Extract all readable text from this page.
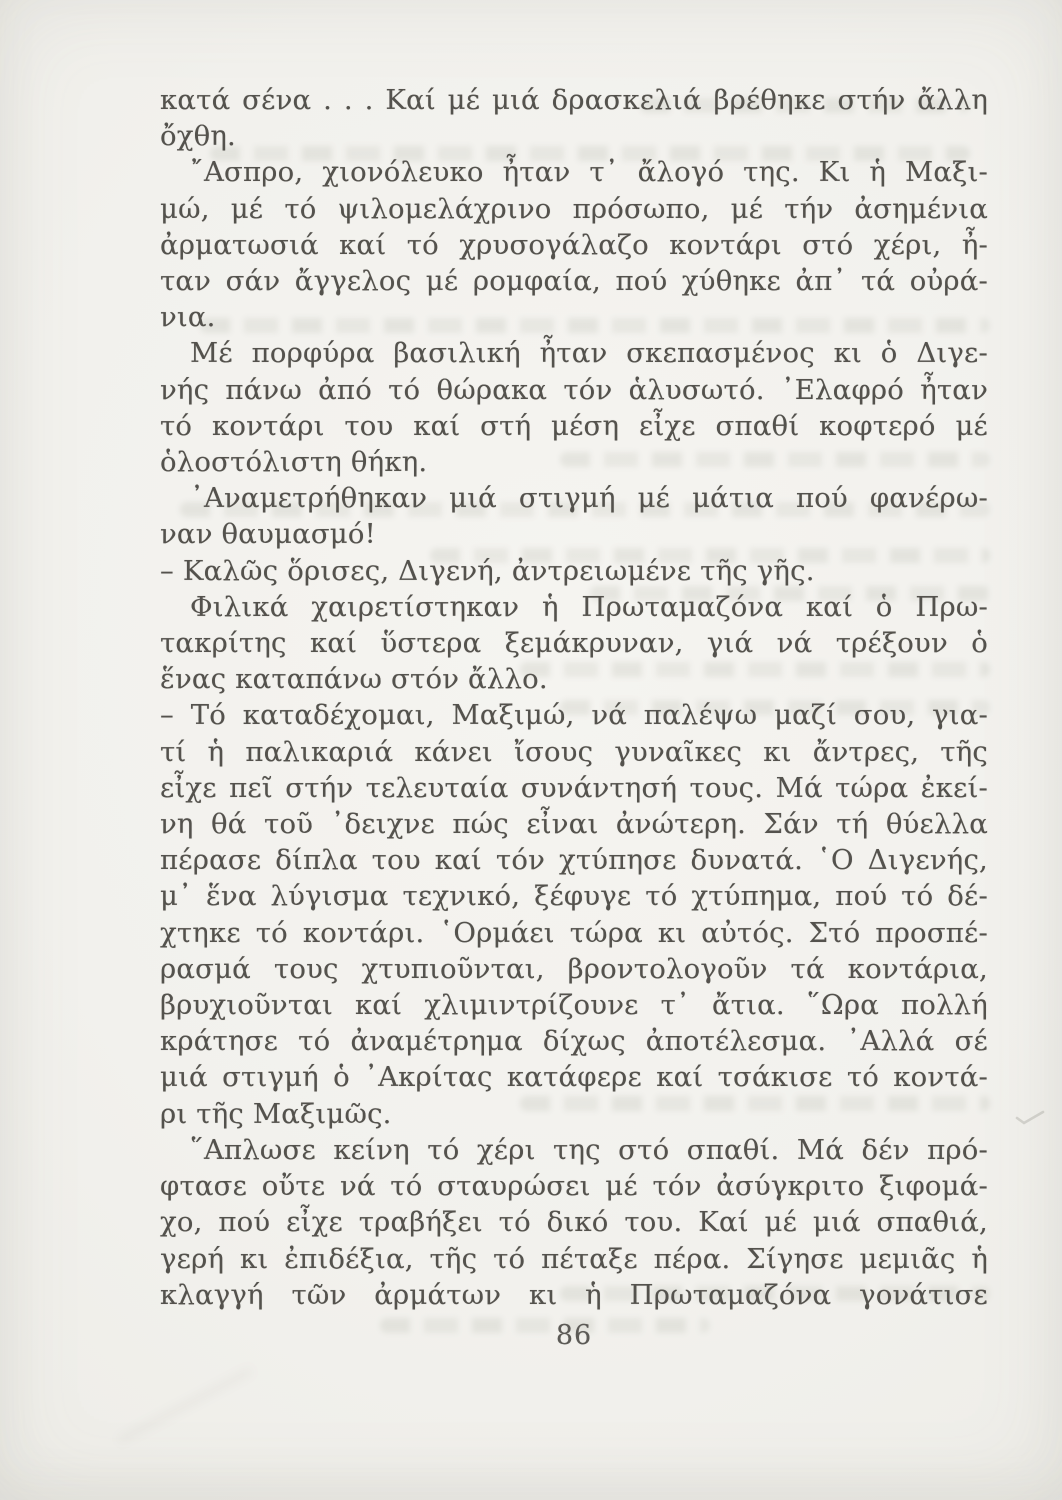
κατά σένα . . . Καί μέ μιά δρασκελιά βρέθηκε στήν ἄλλη
ὄχθη.
῎Ασπρο, χιονόλευκο ἦταν τ᾿ ἄλογό της. Κι ἡ Μαξι-
μώ, μέ τό ψιλομελάχρινο πρόσωπο, μέ τήν ἀσημένια
ἀρματωσιά καί τό χρυσογάλαζο κοντάρι στό χέρι, ἦ-
ταν σάν ἄγγελος μέ ρομφαία, πού χύθηκε ἀπ᾿ τά οὐρά-
νια.
Μέ πορφύρα βασιλική ἦταν σκεπασμένος κι ὁ Διγε-
νής πάνω ἀπό τό θώρακα τόν ἁλυσωτό. ᾿Ελαφρό ἦταν
τό κοντάρι του καί στή μέση εἶχε σπαθί κοφτερό μέ
ὁλοστόλιστη θήκη.
᾿Αναμετρήθηκαν μιά στιγμή μέ μάτια πού φανέρω-
ναν θαυμασμό!
– Καλῶς ὅρισες, Διγενή, ἀντρειωμένε τῆς γῆς.
Φιλικά χαιρετίστηκαν ἡ Πρωταμαζόνα καί ὁ Πρω-
τακρίτης καί ὕστερα ξεμάκρυναν, γιά νά τρέξουν ὁ
ἕνας καταπάνω στόν ἄλλο.
– Τό καταδέχομαι, Μαξιμώ, νά παλέψω μαζί σου, για-
τί ἡ παλικαριά κάνει ἴσους γυναῖκες κι ἄντρες, τῆς
εἶχε πεῖ στήν τελευταία συνάντησή τους. Μά τώρα ἐκεί-
νη θά τοῦ ᾿δειχνε πώς εἶναι ἀνώτερη. Σάν τή θύελλα
πέρασε δίπλα του καί τόν χτύπησε δυνατά. ῾Ο Διγενής,
μ᾿ ἕνα λύγισμα τεχνικό, ξέφυγε τό χτύπημα, πού τό δέ-
χτηκε τό κοντάρι. ῾Ορμάει τώρα κι αὐτός. Στό προσπέ-
ρασμά τους χτυπιοῦνται, βροντολογοῦν τά κοντάρια,
βρυχιοῦνται καί χλιμιντρίζουνε τ᾿ ἄτια. ῞Ωρα πολλή
κράτησε τό ἀναμέτρημα δίχως ἀποτέλεσμα. ᾿Αλλά σέ
μιά στιγμή ὁ ᾿Ακρίτας κατάφερε καί τσάκισε τό κοντά-
ρι τῆς Μαξιμῶς.
῞Απλωσε κείνη τό χέρι της στό σπαθί. Μά δέν πρό-
φτασε οὔτε νά τό σταυρώσει μέ τόν ἀσύγκριτο ξιφομά-
χο, πού εἶχε τραβήξει τό δικό του. Καί μέ μιά σπαθιά,
γερή κι ἐπιδέξια, τῆς τό πέταξε πέρα. Σίγησε μεμιᾶς ἡ
κλαγγή τῶν ἀρμάτων κι ἡ Πρωταμαζόνα γονάτισε
86
